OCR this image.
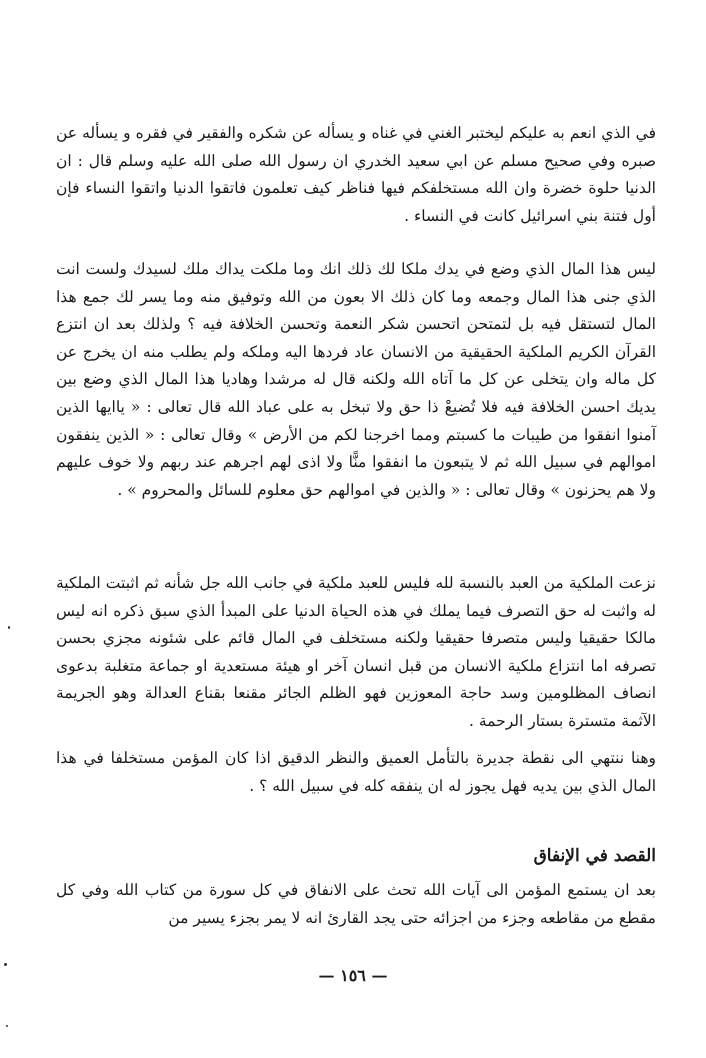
في الذي انعم به عليكم ليختبر الغني في غناه و يسأله عن شكره والفقير في فقره و يسأله عن صبره وفي صحيح مسلم عن ابي سعيد الخدري ان رسول الله صلى الله عليه وسلم قال : ان الدنيا حلوة خضرة وان الله مستخلفكم فيها فناظر كيف تعلمون فاتقوا الدنيا واتقوا النساء فإن أول فتنة بني اسرائيل كانت في النساء .

ليس هذا المال الذي وضع في يدك ملكا لك ذلك انك وما ملكت يداك ملك لسيدك ولست انت الذي جنى هذا المال وجمعه وما كان ذلك الا بعون من الله وتوفيق منه وما يسر لك جمع هذا المال لتستقل فيه بل لتمتحن اتحسن شكر النعمة وتحسن الخلافة فيه ؟ ولذلك بعد ان انتزع القرآن الكريم الملكية الحقيقية من الانسان عاد فردها اليه وملكه ولم يطلب منه ان يخرج عن كل ماله وان يتخلى عن كل ما آتاه الله ولكنه قال له مرشدا وهاديا هذا المال الذي وضع بين يديك احسن الخلافة فيه فلا تُضيعْ ذا حق ولا تبخل به على عباد الله قال تعالى : « ياايها الذين آمنوا انفقوا من طيبات ما كسبتم ومما اخرجنا لكم من الأرض » وقال تعالى : « الذين ينفقون اموالهم في سبيل الله ثم لا يتبعون ما انفقوا منًّا ولا اذى لهم اجرهم عند ربهم ولا خوف عليهم ولا هم يحزنون » وقال تعالى : « والذين في اموالهم حق معلوم للسائل والمحروم » .

نزعت الملكية من العبد بالنسبة لله فليس للعبد ملكية في جانب الله جل شأنه ثم اثبتت الملكية له واثبت له حق التصرف فيما يملك في هذه الحياة الدنيا على المبدأ الذي سبق ذكره انه ليس مالكا حقيقيا وليس متصرفا حقيقيا ولكنه مستخلف في المال قائم على شئونه مجزي بحسن تصرفه اما انتزاع ملكية الانسان من قبل انسان آخر او هيئة مستعدية او جماعة متغلبة بدعوى انصاف المظلومين وسد حاجة المعوزين فهو الظلم الجائر مقنعا بقناع العدالة وهو الجريمة الآثمة متسترة بستار الرحمة .

وهنا ننتهي الى نقطة جديرة بالتأمل العميق والنظر الدقيق اذا كان المؤمن مستخلفا في هذا المال الذي بين يديه فهل يجوز له ان ينفقه كله في سبيل الله ؟ .

القصد في الإنفاق

بعد ان يستمع المؤمن الى آيات الله تحث على الانفاق في كل سورة من كتاب الله وفي كل مقطع من مقاطعه وجزء من اجزائه حتى يجد القارئ انه لا يمر بجزء يسير من

— ١٥٦ —
